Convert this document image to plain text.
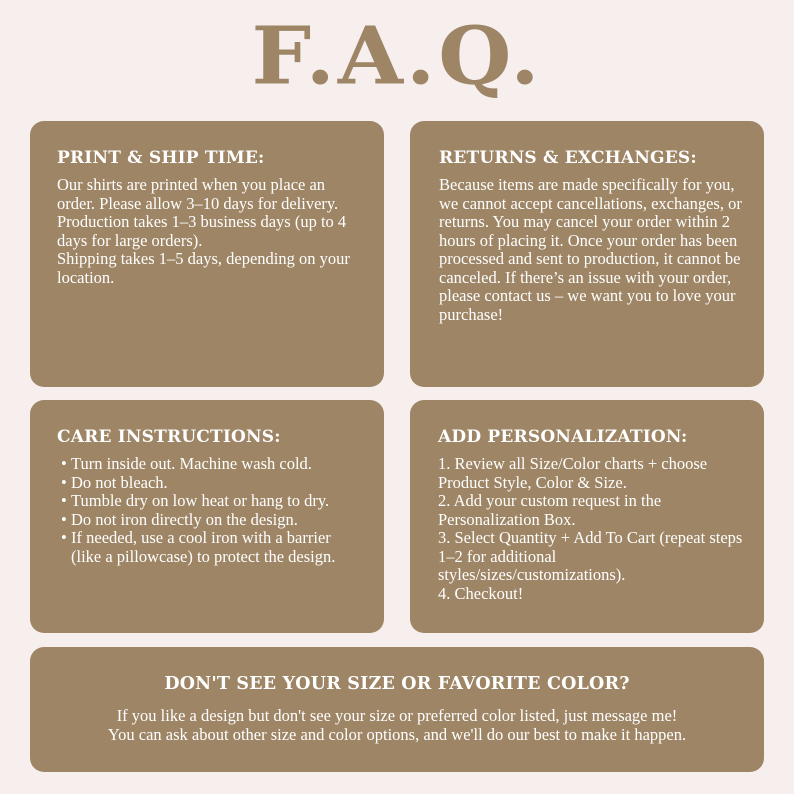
F.A.Q.
PRINT & SHIP TIME:
Our shirts are printed when you place an order. Please allow 3–10 days for delivery.
Production takes 1–3 business days (up to 4 days for large orders).
Shipping takes 1–5 days, depending on your location.
RETURNS & EXCHANGES:
Because items are made specifically for you, we cannot accept cancellations, exchanges, or returns. You may cancel your order within 2 hours of placing it. Once your order has been processed and sent to production, it cannot be canceled. If there’s an issue with your order, please contact us – we want you to love your purchase!
CARE INSTRUCTIONS:
• Turn inside out. Machine wash cold.
• Do not bleach.
• Tumble dry on low heat or hang to dry.
• Do not iron directly on the design.
• If needed, use a cool iron with a barrier (like a pillowcase) to protect the design.
ADD PERSONALIZATION:
1. Review all Size/Color charts + choose Product Style, Color & Size.
2. Add your custom request in the Personalization Box.
3. Select Quantity + Add To Cart (repeat steps 1–2 for additional styles/sizes/customizations).
4. Checkout!
DON'T SEE YOUR SIZE OR FAVORITE COLOR?
If you like a design but don't see your size or preferred color listed, just message me!
You can ask about other size and color options, and we'll do our best to make it happen.
